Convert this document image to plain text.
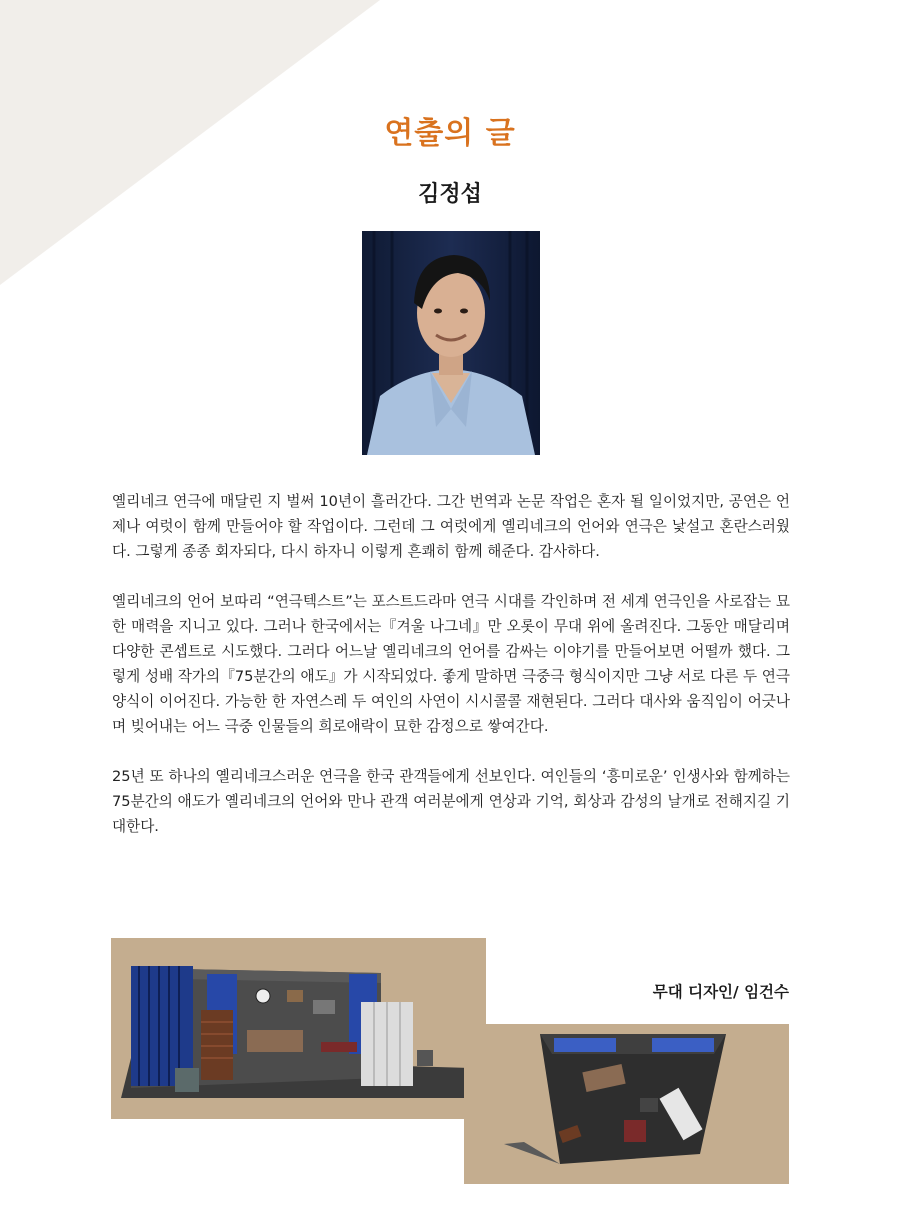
연출의 글
김정섭

옐리네크 연극에 매달린 지 벌써 10년이 흘러간다. 그간 번역과 논문 작업은 혼자 될 일이었지만, 공연은 언제나 여럿이 함께 만들어야 할 작업이다. 그런데 그 여럿에게 옐리네크의 언어와 연극은 낯설고 혼란스러웠다. 그렇게 종종 회자되다, 다시 하자니 이렇게 흔쾌히 함께 해준다. 감사하다.

옐리네크의 언어 보따리 “연극텍스트”는 포스트드라마 연극 시대를 각인하며 전 세계 연극인을 사로잡는 묘한 매력을 지니고 있다. 그러나 한국에서는『겨울 나그네』만 오롯이 무대 위에 올려진다. 그동안 매달리며 다양한 콘셉트로 시도했다. 그러다 어느날 옐리네크의 언어를 감싸는 이야기를 만들어보면 어떨까 했다. 그렇게 성배 작가의『75분간의 애도』가 시작되었다. 좋게 말하면 극중극 형식이지만 그냥 서로 다른 두 연극 양식이 이어진다. 가능한 한 자연스레 두 여인의 사연이 시시콜콜 재현된다. 그러다 대사와 움직임이 어긋나며 빚어내는 어느 극중 인물들의 희로애락이 묘한 감정으로 쌓여간다.

25년 또 하나의 옐리네크스러운 연극을 한국 관객들에게 선보인다. 여인들의 ‘흥미로운’ 인생사와 함께하는 75분간의 애도가 옐리네크의 언어와 만나 관객 여러분에게 연상과 기억, 회상과 감성의 날개로 전해지길 기대한다.

무대 디자인/ 임건수
